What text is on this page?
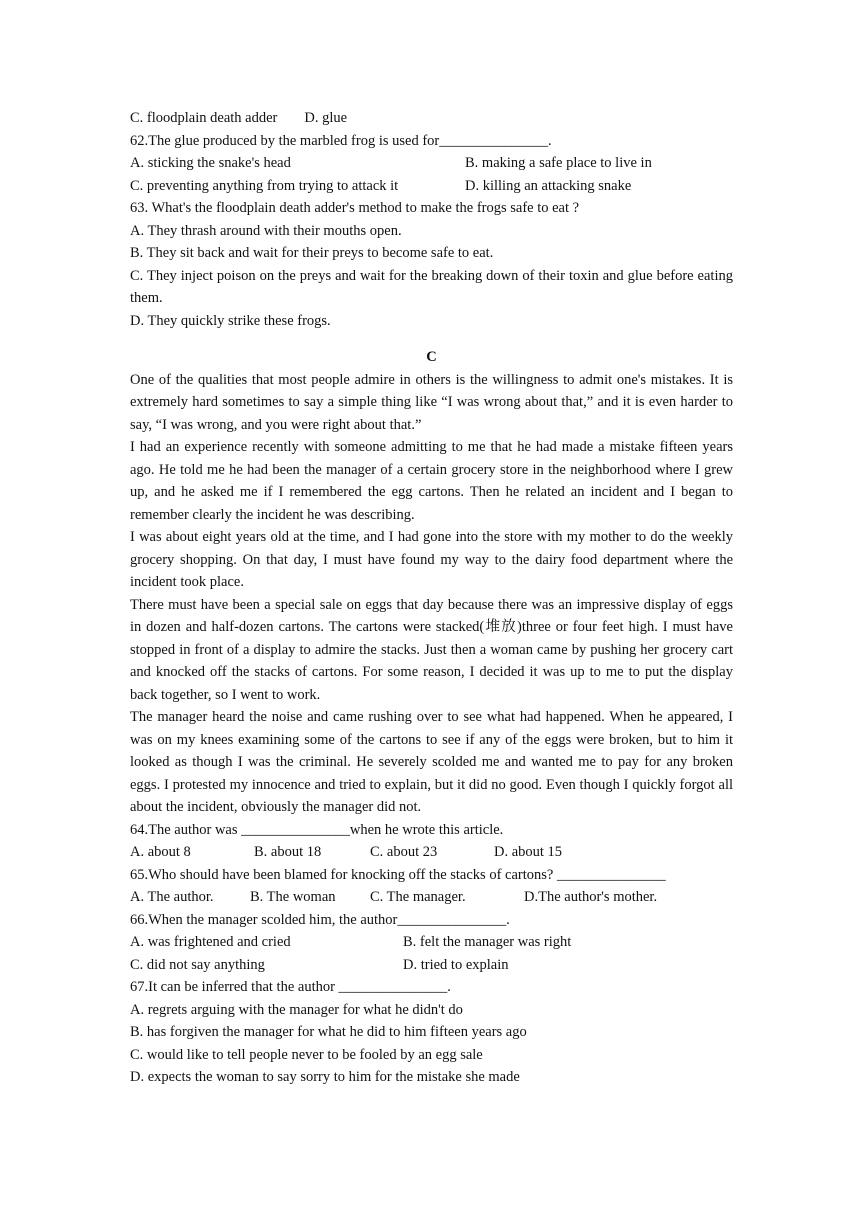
C. floodplain death adder D. glue
62.The glue produced by the marbled frog is used for_______________.
A. sticking the snake's head	B. making a safe place to live in
C. preventing anything from trying to attack it	D. killing an attacking snake
63. What's the floodplain death adder's method to make the frogs safe to eat ?
A. They thrash around with their mouths open.
B. They sit back and wait for their preys to become safe to eat.
C. They inject poison on the preys and wait for the breaking down of their toxin and glue before eating them.
D. They quickly strike these frogs.
C
One of the qualities that most people admire in others is the willingness to admit one's mistakes. It is extremely hard sometimes to say a simple thing like “I was wrong about that,” and it is even harder to say, “I was wrong, and you were right about that.”
I had an experience recently with someone admitting to me that he had made a mistake fifteen years ago. He told me he had been the manager of a certain grocery store in the neighborhood where I grew up, and he asked me if I remembered the egg cartons. Then he related an incident and I began to remember clearly the incident he was describing.
I was about eight years old at the time, and I had gone into the store with my mother to do the weekly grocery shopping. On that day, I must have found my way to the dairy food department where the incident took place.
There must have been a special sale on eggs that day because there was an impressive display of eggs in dozen and half-dozen cartons. The cartons were stacked(堆放)three or four feet high. I must have stopped in front of a display to admire the stacks. Just then a woman came by pushing her grocery cart and knocked off the stacks of cartons. For some reason, I decided it was up to me to put the display back together, so I went to work.
The manager heard the noise and came rushing over to see what had happened. When he appeared, I was on my knees examining some of the cartons to see if any of the eggs were broken, but to him it looked as though I was the criminal. He severely scolded me and wanted me to pay for any broken eggs. I protested my innocence and tried to explain, but it did no good. Even though I quickly forgot all about the incident, obviously the manager did not.
64.The author was _______________when he wrote this article.
A. about 8	B. about 18	C. about 23	D. about 15
65.Who should have been blamed for knocking off the stacks of cartons? _______________
A. The author.	B. The woman	C. The manager.	D.The author's mother.
66.When the manager scolded him, the author_______________.
A. was frightened and cried	B. felt the manager was right
C. did not say anything	D. tried to explain
67.It can be inferred that the author _______________.
A. regrets arguing with the manager for what he didn't do
B. has forgiven the manager for what he did to him fifteen years ago
C. would like to tell people never to be fooled by an egg sale
D. expects the woman to say sorry to him for the mistake she made
